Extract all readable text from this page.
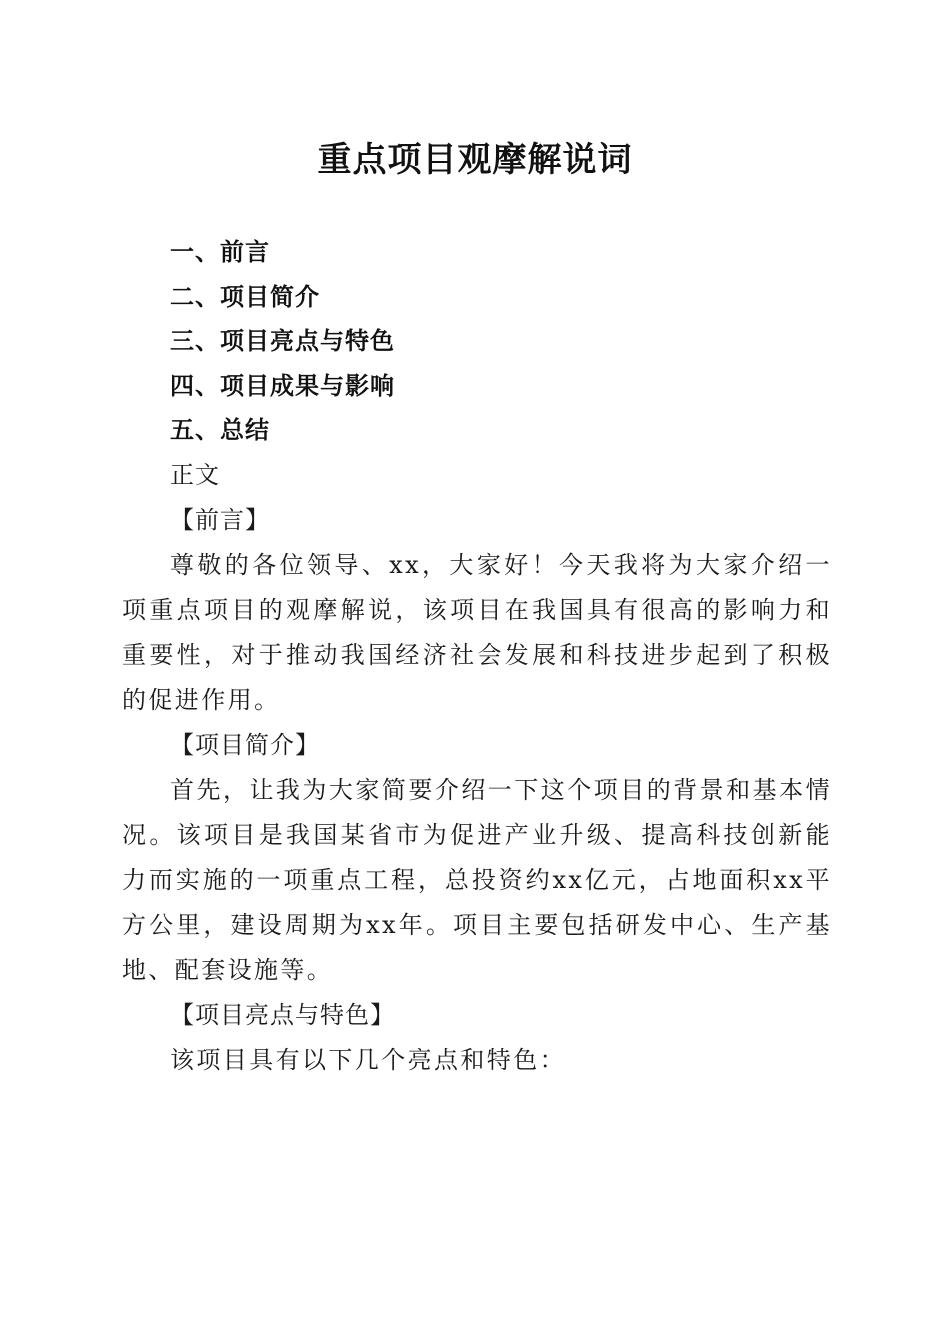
重点项目观摩解说词
一、前言
二、项目简介
三、项目亮点与特色
四、项目成果与影响
五、总结

正文

【前言】

尊敬的各位领导、xx，大家好！今天我将为大家介绍一项重点项目的观摩解说，该项目在我国具有很高的影响力和重要性，对于推动我国经济社会发展和科技进步起到了积极的促进作用。

【项目简介】

首先，让我为大家简要介绍一下这个项目的背景和基本情况。该项目是我国某省市为促进产业升级、提高科技创新能力而实施的一项重点工程，总投资约xx亿元，占地面积xx平方公里，建设周期为xx年。项目主要包括研发中心、生产基地、配套设施等。

【项目亮点与特色】

该项目具有以下几个亮点和特色：
